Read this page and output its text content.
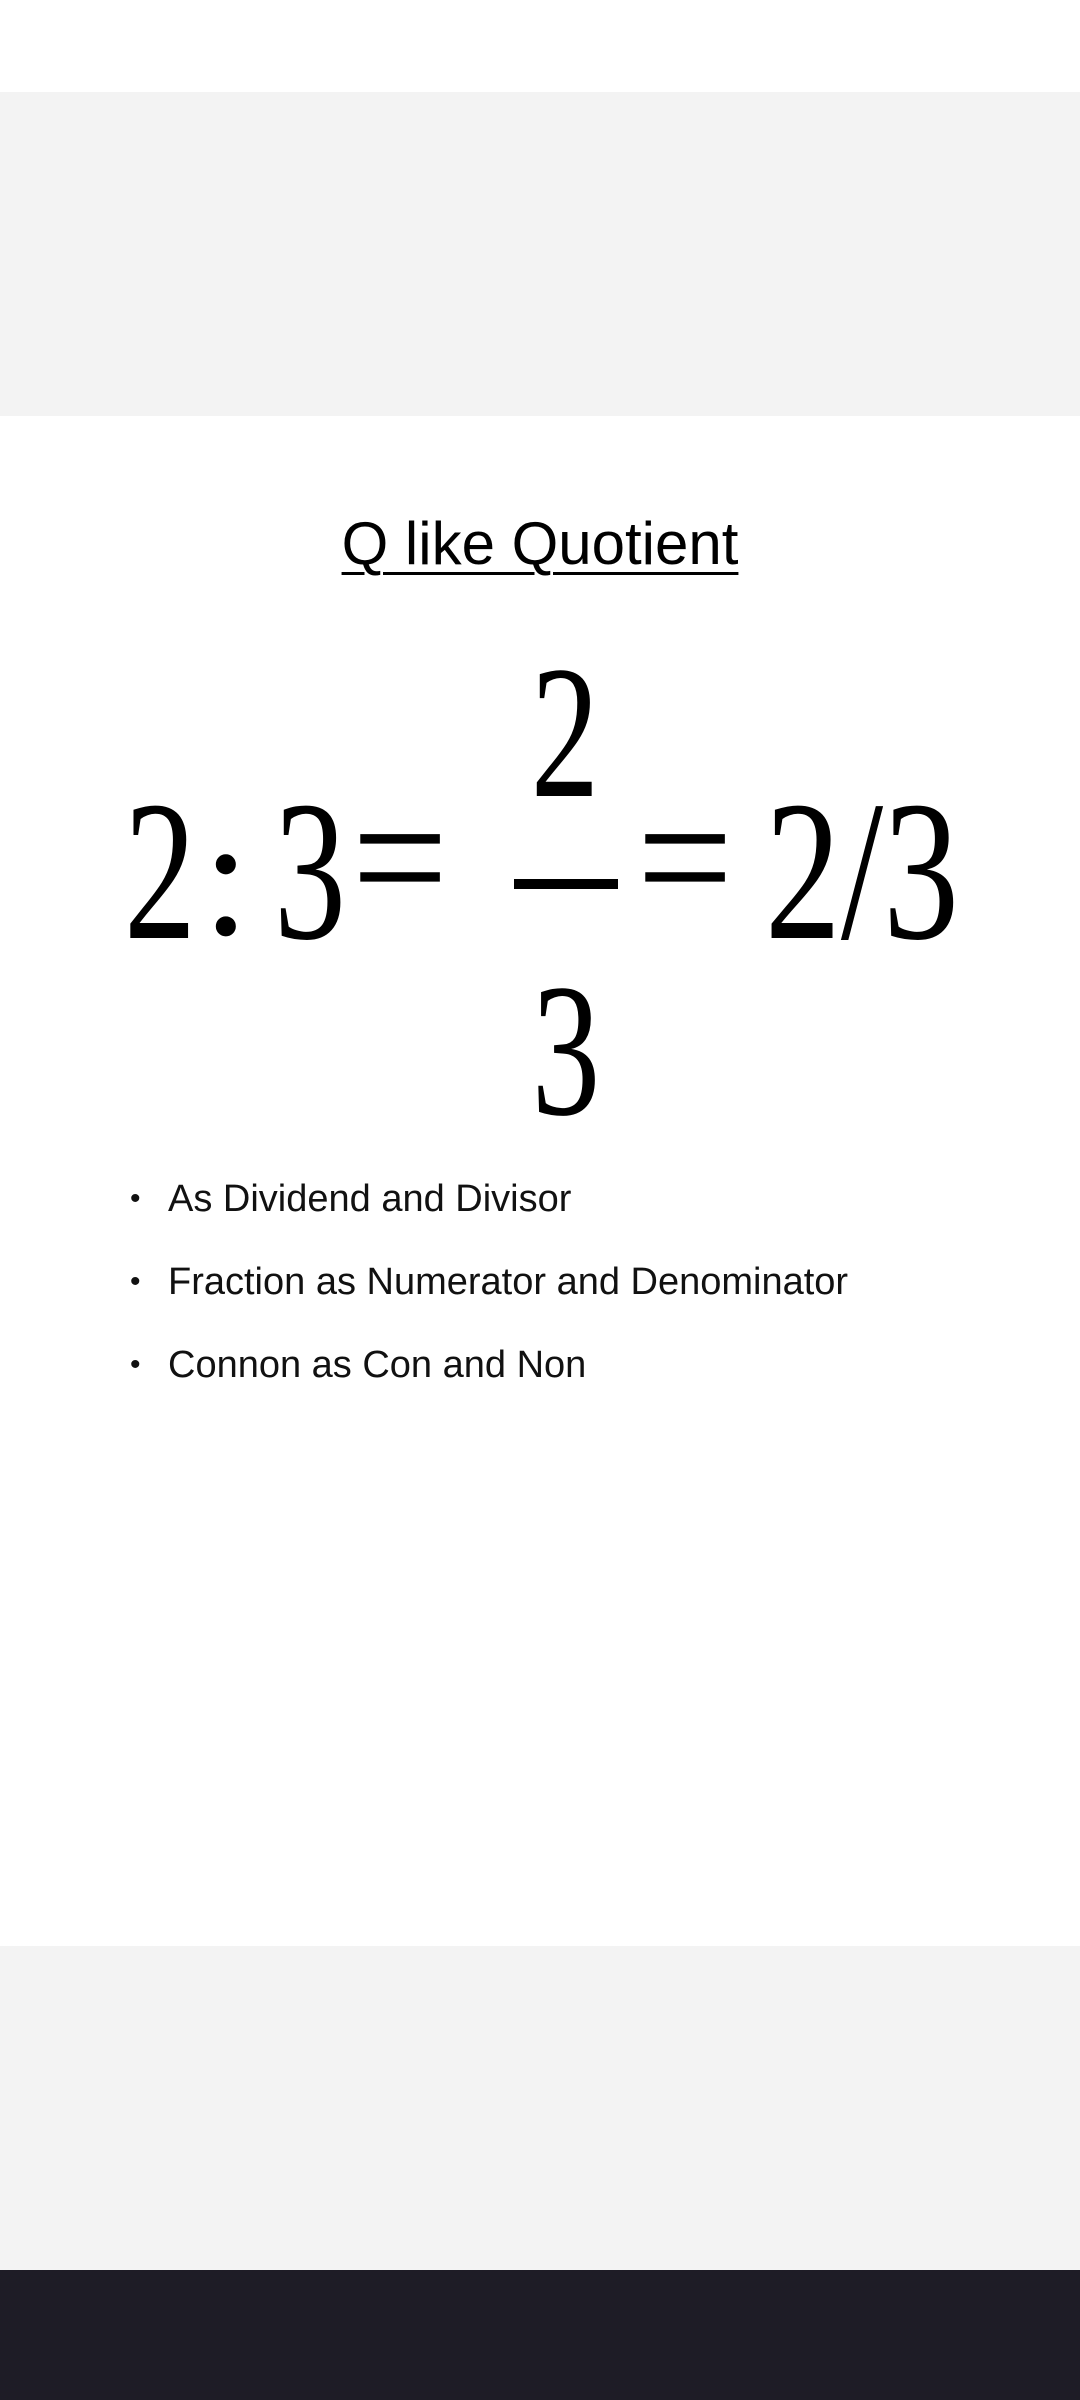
Q like Quotient
2 : 3 =
2
3
= 2/3
• As Dividend and Divisor
• Fraction as Numerator and Denominator
• Connon as Con and Non
